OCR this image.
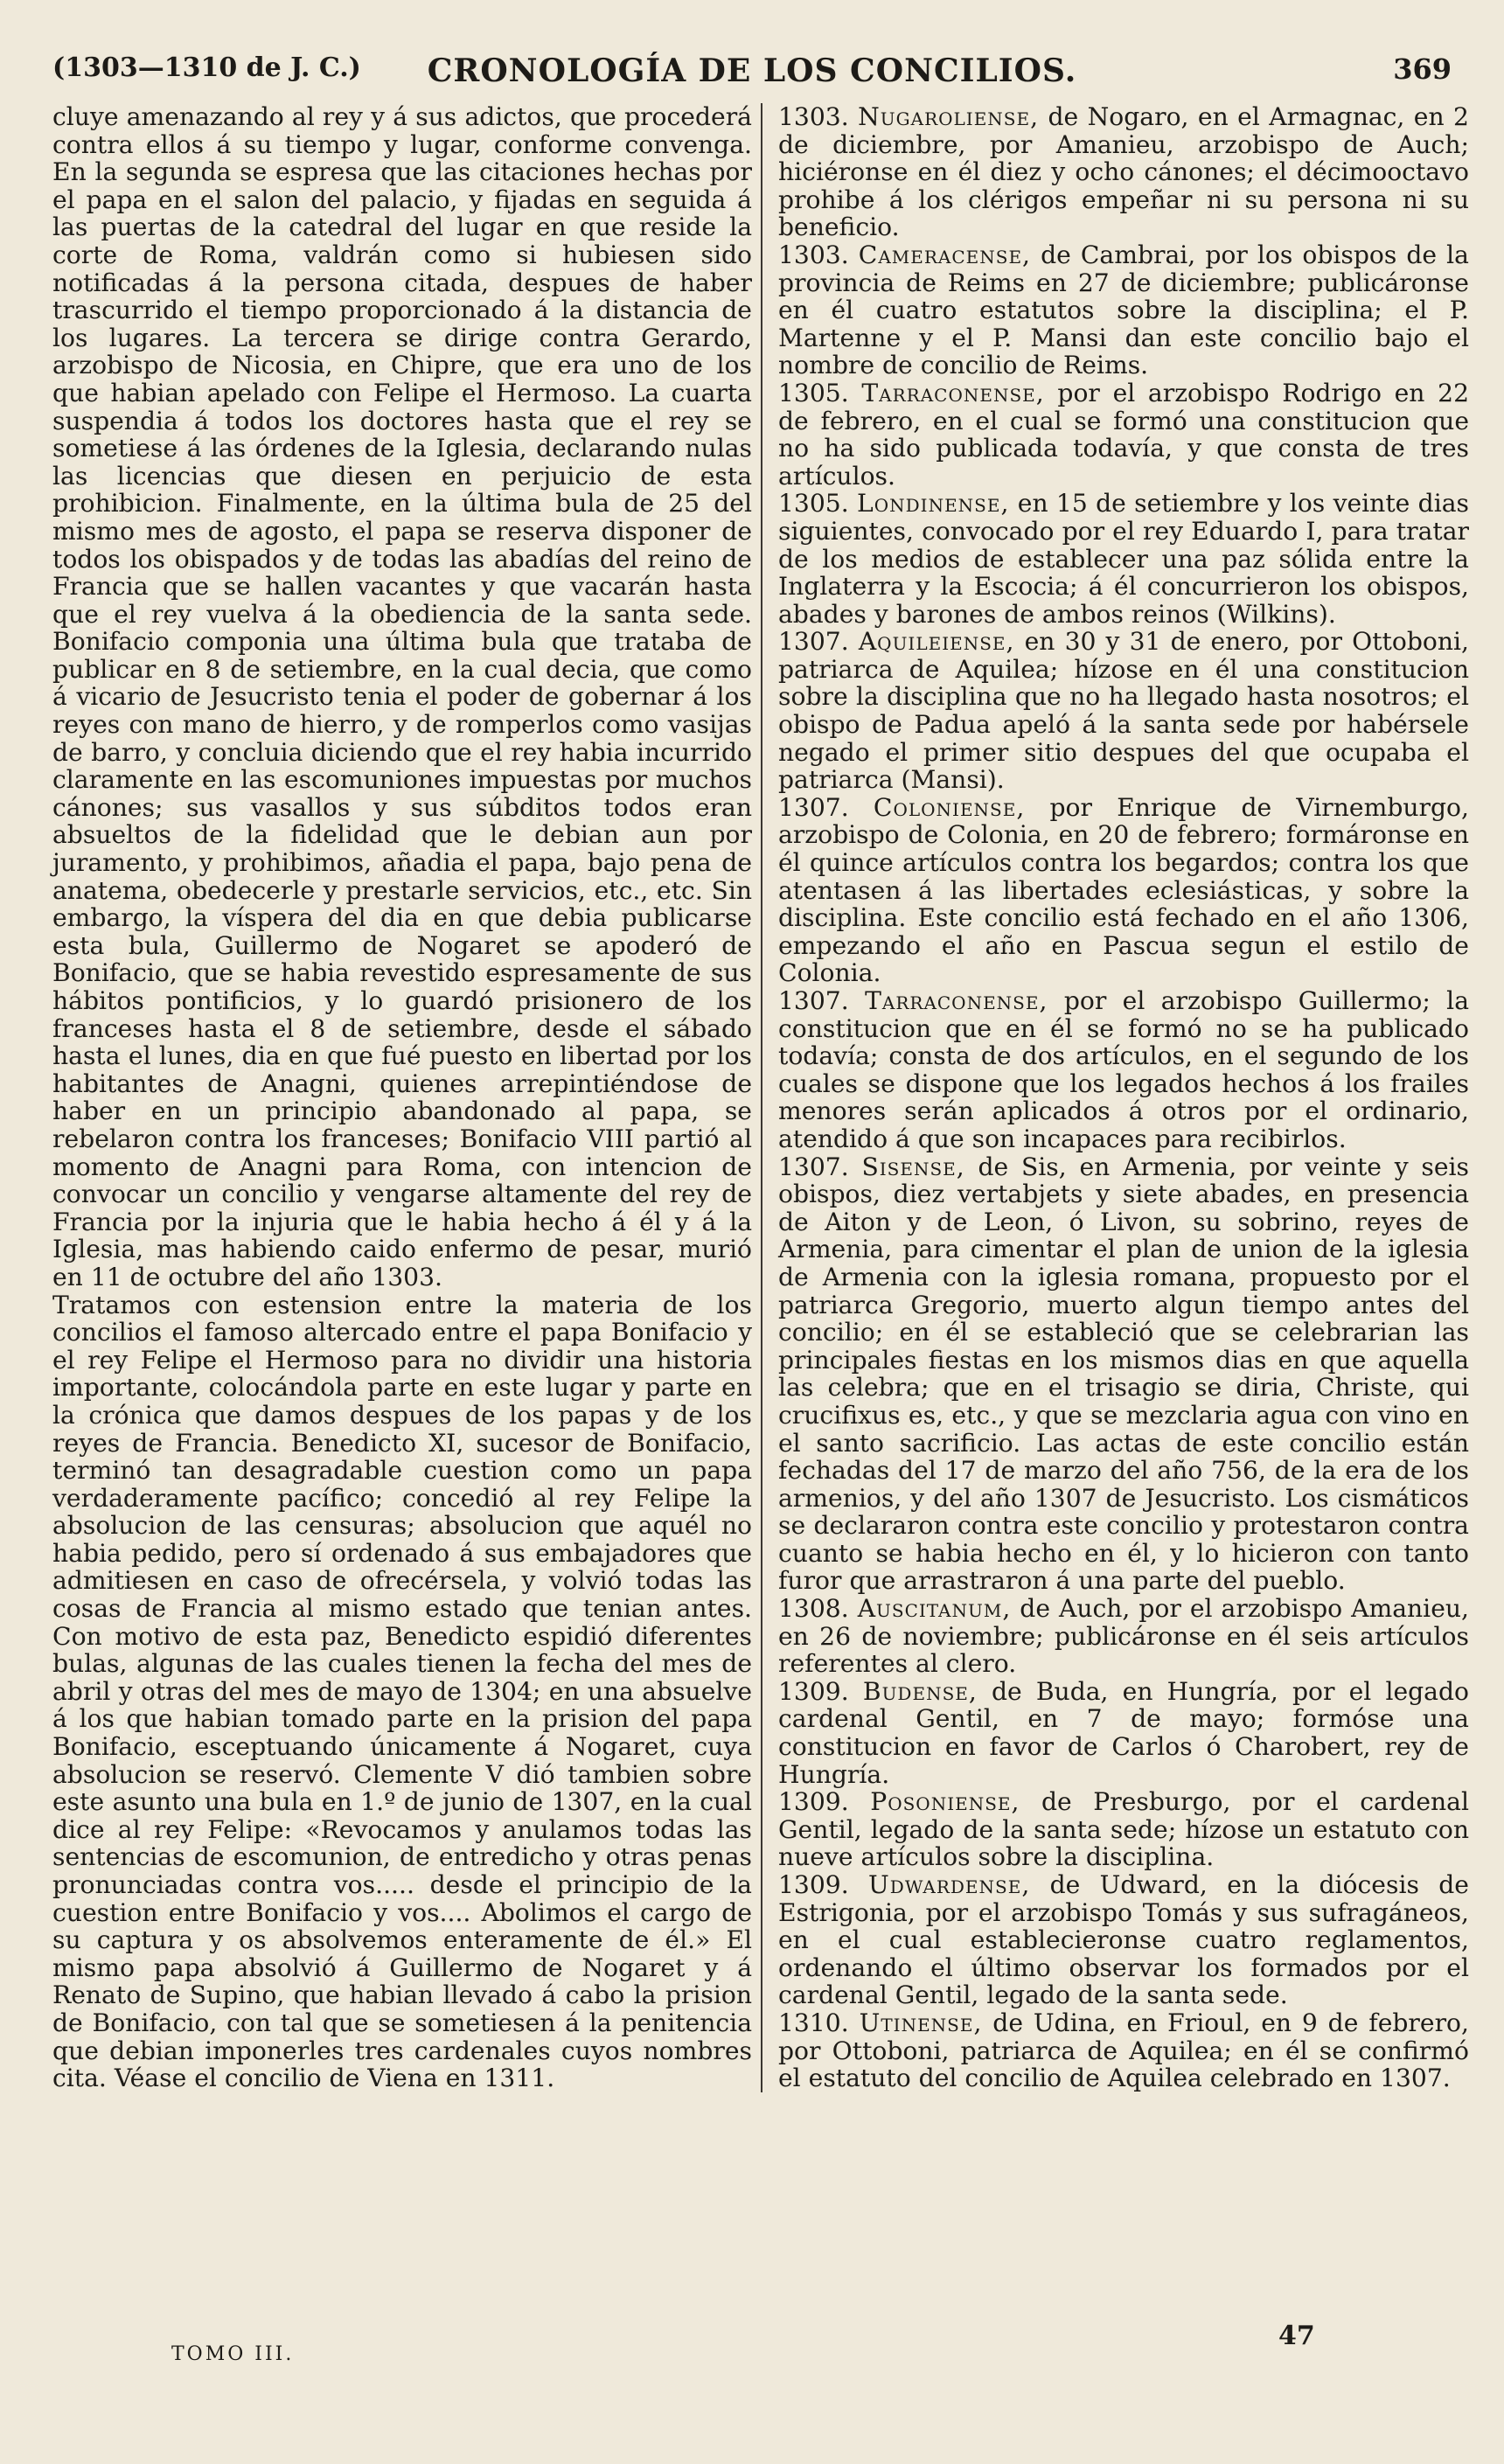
(1303—1310 de J. C.)	CRONOLOGÍA DE LOS CONCILIOS.	369

cluye amenazando al rey y á sus adictos, que procederá contra ellos á su tiempo y lugar, conforme convenga. En la segunda se espresa que las citaciones hechas por el papa en el salon del palacio, y fijadas en seguida á las puertas de la catedral del lugar en que reside la corte de Roma, valdrán como si hubiesen sido notificadas á la persona citada, despues de haber trascurrido el tiempo proporcionado á la distancia de los lugares. La tercera se dirige contra Gerardo, arzobispo de Nicosia, en Chipre, que era uno de los que habian apelado con Felipe el Hermoso. La cuarta suspendia á todos los doctores hasta que el rey se sometiese á las órdenes de la Iglesia, declarando nulas las licencias que diesen en perjuicio de esta prohibicion. Finalmente, en la última bula de 25 del mismo mes de agosto, el papa se reserva disponer de todos los obispados y de todas las abadías del reino de Francia que se hallen vacantes y que vacarán hasta que el rey vuelva á la obediencia de la santa sede. Bonifacio componia una última bula que trataba de publicar en 8 de setiembre, en la cual decia, que como á vicario de Jesucristo tenia el poder de gobernar á los reyes con mano de hierro, y de romperlos como vasijas de barro, y concluia diciendo que el rey habia incurrido claramente en las escomuniones impuestas por muchos cánones; sus vasallos y sus súbditos todos eran absueltos de la fidelidad que le debian aun por juramento, y prohibimos, añadia el papa, bajo pena de anatema, obedecerle y prestarle servicios, etc., etc. Sin embargo, la víspera del dia en que debia publicarse esta bula, Guillermo de Nogaret se apoderó de Bonifacio, que se habia revestido espresamente de sus hábitos pontificios, y lo guardó prisionero de los franceses hasta el 8 de setiembre, desde el sábado hasta el lunes, dia en que fué puesto en libertad por los habitantes de Anagni, quienes arrepintiéndose de haber en un principio abandonado al papa, se rebelaron contra los franceses; Bonifacio VIII partió al momento de Anagni para Roma, con intencion de convocar un concilio y vengarse altamente del rey de Francia por la injuria que le habia hecho á él y á la Iglesia, mas habiendo caido enfermo de pesar, murió en 11 de octubre del año 1303.

Tratamos con estension entre la materia de los concilios el famoso altercado entre el papa Bonifacio y el rey Felipe el Hermoso para no dividir una historia importante, colocándola parte en este lugar y parte en la crónica que damos despues de los papas y de los reyes de Francia. Benedicto XI, sucesor de Bonifacio, terminó tan desagradable cuestion como un papa verdaderamente pacífico; concedió al rey Felipe la absolucion de las censuras; absolucion que aquél no habia pedido, pero sí ordenado á sus embajadores que admitiesen en caso de ofrecérsela, y volvió todas las cosas de Francia al mismo estado que tenian antes. Con motivo de esta paz, Benedicto espidió diferentes bulas, algunas de las cuales tienen la fecha del mes de abril y otras del mes de mayo de 1304; en una absuelve á los que habian tomado parte en la prision del papa Bonifacio, esceptuando únicamente á Nogaret, cuya absolucion se reservó. Clemente V dió tambien sobre este asunto una bula en 1.º de junio de 1307, en la cual dice al rey Felipe: «Revocamos y anulamos todas las sentencias de escomunion, de entredicho y otras penas pronunciadas contra vos..... desde el principio de la cuestion entre Bonifacio y vos.... Abolimos el cargo de su captura y os absolvemos enteramente de él.» El mismo papa absolvió á Guillermo de Nogaret y á Renato de Supino, que habian llevado á cabo la prision de Bonifacio, con tal que se sometiesen á la penitencia que debian imponerles tres cardenales cuyos nombres cita. Véase el concilio de Viena en 1311.

1303. Nugaroliense, de Nogaro, en el Armagnac, en 2 de diciembre, por Amanieu, arzobispo de Auch; hiciéronse en él diez y ocho cánones; el décimooctavo prohibe á los clérigos empeñar ni su persona ni su beneficio.

1303. Cameracense, de Cambrai, por los obispos de la provincia de Reims en 27 de diciembre; publicáronse en él cuatro estatutos sobre la disciplina; el P. Martenne y el P. Mansi dan este concilio bajo el nombre de concilio de Reims.

1305. Tarraconense, por el arzobispo Rodrigo en 22 de febrero, en el cual se formó una constitucion que no ha sido publicada todavía, y que consta de tres artículos.

1305. Londinense, en 15 de setiembre y los veinte dias siguientes, convocado por el rey Eduardo I, para tratar de los medios de establecer una paz sólida entre la Inglaterra y la Escocia; á él concurrieron los obispos, abades y barones de ambos reinos (Wilkins).

1307. Aquileiense, en 30 y 31 de enero, por Ottoboni, patriarca de Aquilea; hízose en él una constitucion sobre la disciplina que no ha llegado hasta nosotros; el obispo de Padua apeló á la santa sede por habérsele negado el primer sitio despues del que ocupaba el patriarca (Mansi).

1307. Coloniense, por Enrique de Virnemburgo, arzobispo de Colonia, en 20 de febrero; formáronse en él quince artículos contra los begardos; contra los que atentasen á las libertades eclesiásticas, y sobre la disciplina. Este concilio está fechado en el año 1306, empezando el año en Pascua segun el estilo de Colonia.

1307. Tarraconense, por el arzobispo Guillermo; la constitucion que en él se formó no se ha publicado todavía; consta de dos artículos, en el segundo de los cuales se dispone que los legados hechos á los frailes menores serán aplicados á otros por el ordinario, atendido á que son incapaces para recibirlos.

1307. Sisense, de Sis, en Armenia, por veinte y seis obispos, diez vertabjets y siete abades, en presencia de Aiton y de Leon, ó Livon, su sobrino, reyes de Armenia, para cimentar el plan de union de la iglesia de Armenia con la iglesia romana, propuesto por el patriarca Gregorio, muerto algun tiempo antes del concilio; en él se estableció que se celebrarian las principales fiestas en los mismos dias en que aquella las celebra; que en el trisagio se diria, Christe, qui crucifixus es, etc., y que se mezclaria agua con vino en el santo sacrificio. Las actas de este concilio están fechadas del 17 de marzo del año 756, de la era de los armenios, y del año 1307 de Jesucristo. Los cismáticos se declararon contra este concilio y protestaron contra cuanto se habia hecho en él, y lo hicieron con tanto furor que arrastraron á una parte del pueblo.

1308. Auscitanum, de Auch, por el arzobispo Amanieu, en 26 de noviembre; publicáronse en él seis artículos referentes al clero.

1309. Budense, de Buda, en Hungría, por el legado cardenal Gentil, en 7 de mayo; formóse una constitucion en favor de Carlos ó Charobert, rey de Hungría.

1309. Posoniense, de Presburgo, por el cardenal Gentil, legado de la santa sede; hízose un estatuto con nueve artículos sobre la disciplina.

1309. Udwardense, de Udward, en la diócesis de Estrigonia, por el arzobispo Tomás y sus sufragáneos, en el cual establecieronse cuatro reglamentos, ordenando el último observar los formados por el cardenal Gentil, legado de la santa sede.

1310. Utinense, de Udina, en Frioul, en 9 de febrero, por Ottoboni, patriarca de Aquilea; en él se confirmó el estatuto del concilio de Aquilea celebrado en 1307.

TOMO III.
47
